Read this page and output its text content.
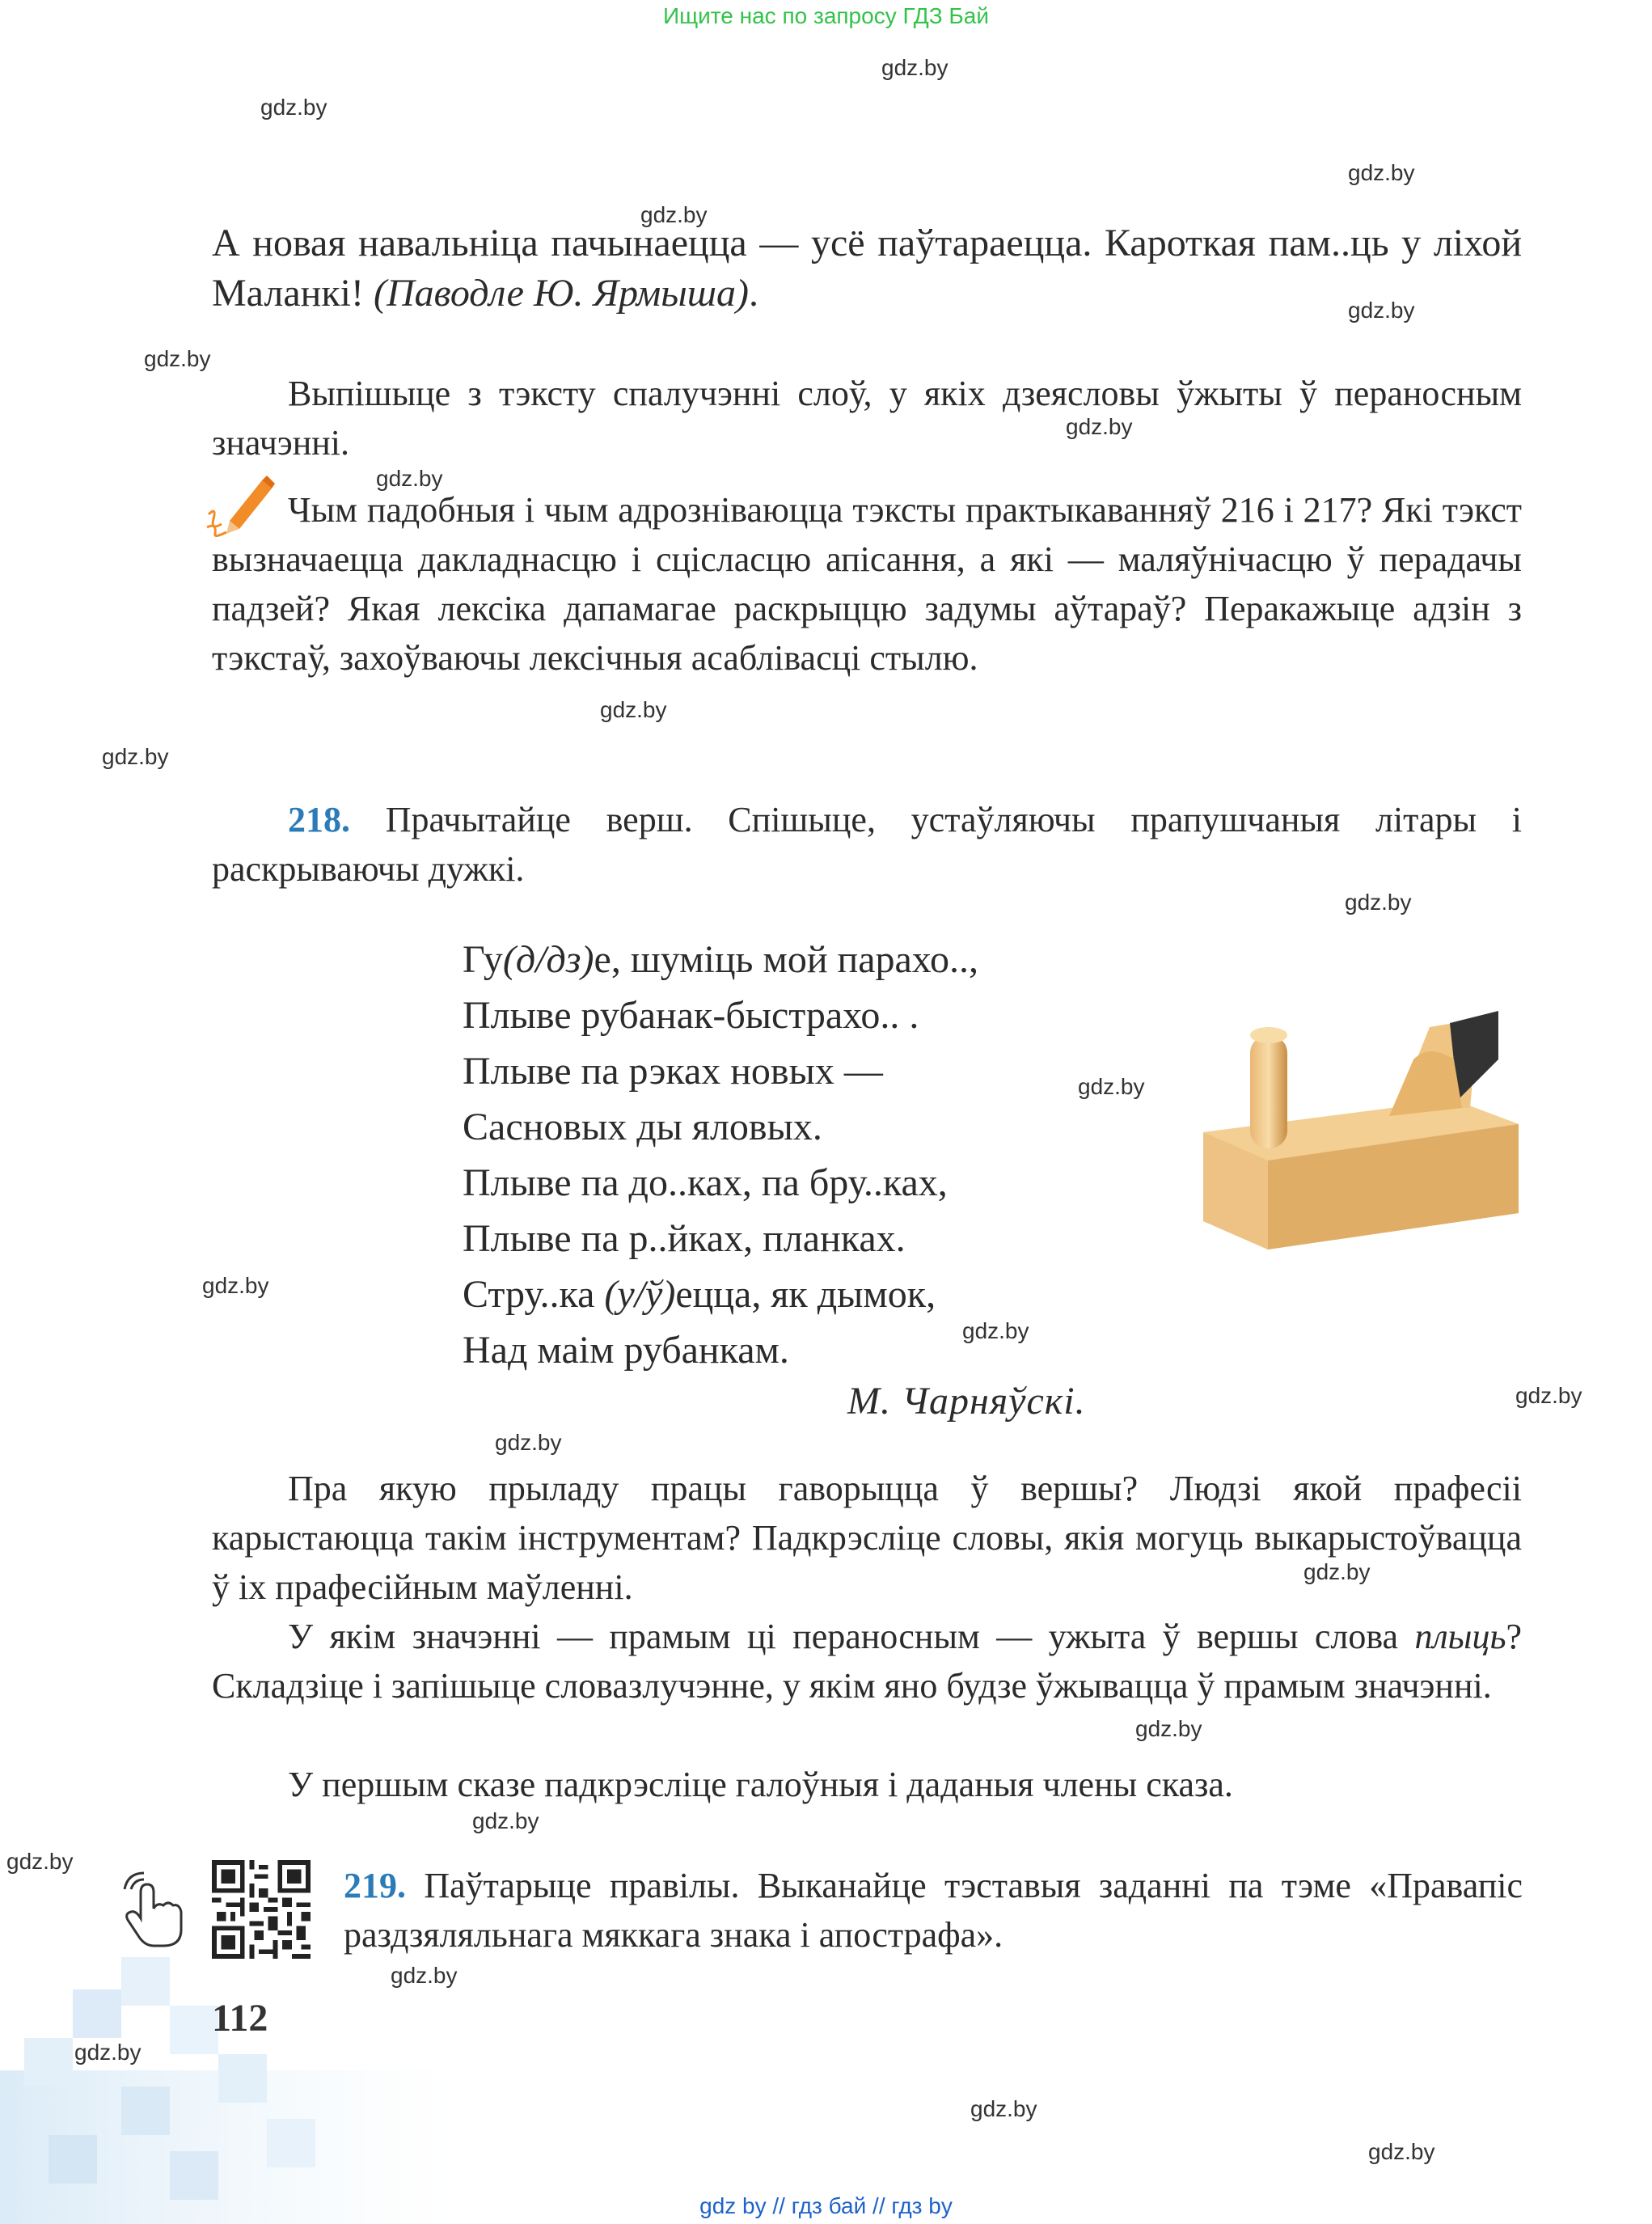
Ищите нас по запросу ГДЗ Бай
gdz by // гдз бай // гдз by
А новая навальніца пачынаецца — усё паўтараецца. Кароткая пам..ць у ліхой Маланкі! (Паводле Ю. Ярмыша).
Выпішыце з тэксту спалучэнні слоў, у якіх дзеясловы ўжыты ў пераносным значэнні.
Чым падобныя і чым адрозніваюцца тэксты практыкаванняў 216 і 217? Які тэкст вызначаецца дакладнасцю і сцісласцю апісання, а які — маляўнічасцю ў перадачы падзей? Якая лексіка дапамагае раскрыццю задумы аўтараў? Перакажыце адзін з тэкстаў, захоўваючы лексічныя асаблівасці стылю.
218. Прачытайце верш. Спішыце, устаўляючы прапушчаныя літары і раскрываючы дужкі.
Гу(д/дз)е, шуміць мой парахо..,
Плыве рубанак-быстрахо.. .
Плыве па рэках новых —
Сасновых ды яловых.
Плыве па до..ках, па бру..ках,
Плыве па р..йках, планках.
Стру..ка (у/ў)ецца, як дымок,
Над маім рубанкам.
М. Чарняўскі.
Пра якую прыладу працы гаворыцца ў вершы? Людзі якой прафесіі карыстаюцца такім інструментам? Падкрэсліце словы, якія могуць выкарыстоўвацца ў іх прафесійным маўленні.
У якім значэнні — прамым ці пераносным — ужыта ў вершы слова плыць? Складзіце і запішыце словазлучэнне, у якім яно будзе ўжывацца ў прамым значэнні.
У першым сказе падкрэсліце галоўныя і даданыя члены сказа.
219. Паўтарыце правілы. Выканайце тэставыя заданні па тэме «Правапіс раздзяляльнага мяккага знака і апострафа».
112
gdz.by
gdz.by
gdz.by
gdz.by
gdz.by
gdz.by
gdz.by
gdz.by
gdz.by
gdz.by
gdz.by
gdz.by
gdz.by
gdz.by
gdz.by
gdz.by
gdz.by
gdz.by
gdz.by
gdz.by
gdz.by
gdz.by
gdz.by
gdz.by
